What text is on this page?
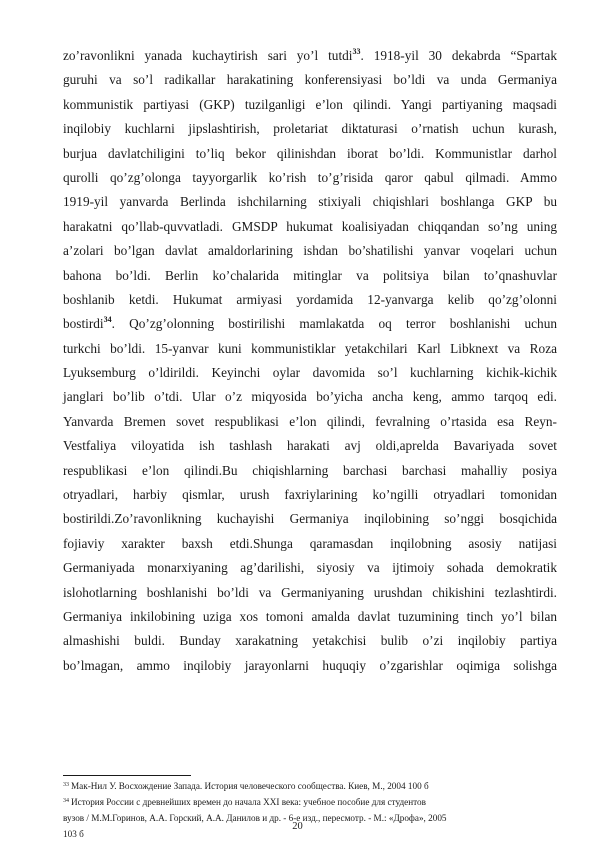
zo’ravonlikni yanada kuchaytirish sari yo’l tutdi$^{33}$. 1918-yil 30 dekabrda “Spartak
guruhi va so’l radikallar harakatining konferensiyasi bo’ldi va unda Germaniya
kommunistik partiyasi (GKP) tuzilganligi e’lon qilindi. Yangi partiyaning maqsadi
inqilobiy kuchlarni jipslashtirish, proletariat diktaturasi o’rnatish uchun kurash,
burjua davlatchiligini to’liq bekor qilinishdan iborat bo’ldi. Kommunistlar darhol
qurolli qo’zg’olonga tayyorgarlik ko’rish to’g’risida qaror qabul qilmadi. Ammo
1919-yil yanvarda Berlinda ishchilarning stixiyali chiqishlari boshlanga GKP bu
harakatni qo’llab-quvvatladi. GMSDP hukumat koalisiyadan chiqqandan so’ng uning
a’zolari bo’lgan davlat amaldorlarining ishdan bo’shatilishi yanvar voqelari uchun
bahona bo’ldi. Berlin ko’chalarida mitinglar va politsiya bilan to’qnashuvlar
boshlanib ketdi. Hukumat armiyasi yordamida 12-yanvarga kelib qo’zg’olonni
bostirdi$^{34}$. Qo’zg’olonning bostirilishi mamlakatda oq terror boshlanishi uchun
turkchi bo’ldi. 15-yanvar kuni kommunistiklar yetakchilari Karl Libknext va Roza
Lyuksemburg o’ldirildi. Keyinchi oylar davomida so’l kuchlarning kichik-kichik
janglari bo’lib o’tdi. Ular o’z miqyosida bo’yicha ancha keng, ammo tarqoq edi.
Yanvarda Bremen sovet respublikasi e’lon qilindi, fevralning o’rtasida esa Reyn-
Vestfaliya viloyatida ish tashlash harakati avj oldi,aprelda Bavariyada sovet
respublikasi e’lon qilindi.Bu chiqishlarning barchasi barchasi mahalliy posiya
otryadlari, harbiy qismlar, urush faxriylarining ko’ngilli otryadlari tomonidan
bostirildi.Zo’ravonlikning kuchayishi Germaniya inqilobining so’nggi bosqichida
fojiaviy xarakter baxsh etdi.Shunga qaramasdan inqilobning asosiy natijasi
Germaniyada monarxiyaning ag’darilishi, siyosiy va ijtimoiy sohada demokratik
islohotlarning boshlanishi bo’ldi va Germaniyaning urushdan chikishini tezlashtirdi.
Germaniya inkilobining uziga xos tomoni amalda davlat tuzumining tinch yo’l bilan
almashishi buldi. Bunday xarakatning yetakchisi bulib o’zi inqilobiy partiya
bo’lmagan, ammo inqilobiy jarayonlarni huquqiy o’zgarishlar oqimiga solishga
$^{33}$ Мак-Нил У. Восхождение Запада. История человеческого сообщества. Киев, М., 2004 100 б
$^{34}$ История России с древнейших времен до начала XXI века: учебное пособие для студентов
вузов / М.М.Горинов, А.А. Горский, А.А. Данилов и др. - 6-е изд., пересмотр. - М.: «Дрофа», 2005
103 б
20
